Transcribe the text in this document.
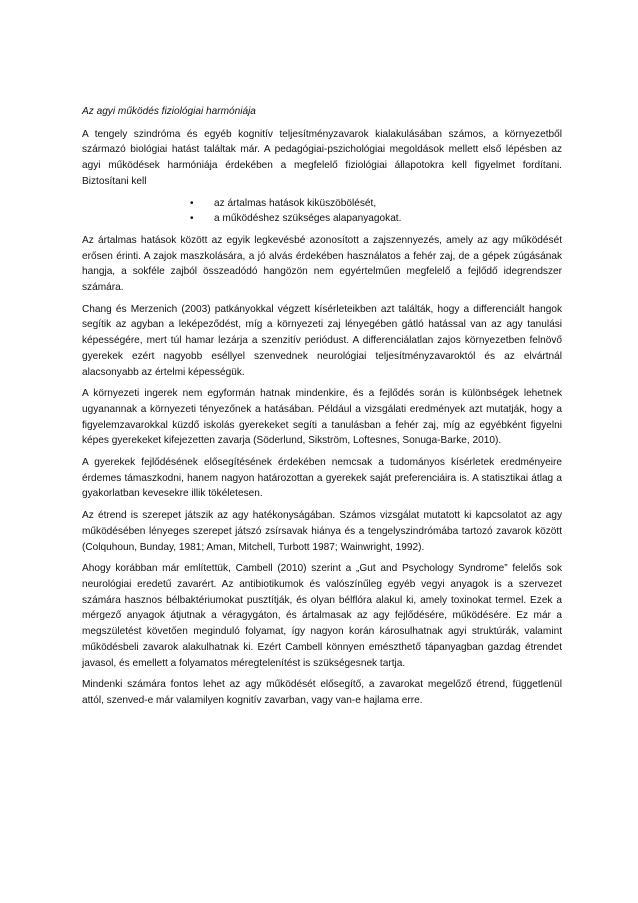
Az agyi működés fiziológiai harmóniája

A tengely szindróma és egyéb kognitív teljesítményzavarok kialakulásában számos, a környezetből származó biológiai hatást találtak már. A pedagógiai-pszichológiai megoldások mellett első lépésben az agyi működések harmóniája érdekében a megfelelő fiziológiai állapotokra kell figyelmet fordítani. Biztosítani kell

• az ártalmas hatások kiküszöbölését,
• a működéshez szükséges alapanyagokat.

Az ártalmas hatások között az egyik legkevésbé azonosított a zajszennyezés, amely az agy működését erősen érinti. A zajok maszkolására, a jó alvás érdekében használatos a fehér zaj, de a gépek zúgásának hangja, a sokféle zajból összeadódó hangözön nem egyértelműen megfelelő a fejlődő idegrendszer számára.

Chang és Merzenich (2003) patkányokkal végzett kísérleteikben azt találták, hogy a differenciált hangok segítik az agyban a leképeződést, míg a környezeti zaj lényegében gátló hatással van az agy tanulási képességére, mert túl hamar lezárja a szenzitív periódust. A differenciálatlan zajos környezetben felnövő gyerekek ezért nagyobb eséllyel szenvednek neurológiai teljesítményzavaroktól és az elvártnál alacsonyabb az értelmi képességük.

A környezeti ingerek nem egyformán hatnak mindenkire, és a fejlődés során is különbségek lehetnek ugyanannak a környezeti tényezőnek a hatásában. Például a vizsgálati eredmények azt mutatják, hogy a figyelemzavarokkal küzdő iskolás gyerekeket segíti a tanulásban a fehér zaj, míg az egyébként figyelni képes gyerekeket kifejezetten zavarja (Söderlund, Sikström, Loftesnes, Sonuga-Barke, 2010).

A gyerekek fejlődésének elősegítésének érdekében nemcsak a tudományos kísérletek eredményeire érdemes támaszkodni, hanem nagyon határozottan a gyerekek saját preferenciáira is. A statisztikai átlag a gyakorlatban kevesekre illik tökéletesen.

Az étrend is szerepet játszik az agy hatékonyságában. Számos vizsgálat mutatott ki kapcsolatot az agy működésében lényeges szerepet játszó zsírsavak hiánya és a tengelyszindrómába tartozó zavarok között (Colquhoun, Bunday, 1981; Aman, Mitchell, Turbott 1987; Wainwright, 1992).

Ahogy korábban már említettük, Cambell (2010) szerint a „Gut and Psychology Syndrome” felelős sok neurológiai eredetű zavarért. Az antibiotikumok és valószínűleg egyéb vegyi anyagok is a szervezet számára hasznos bélbaktériumokat pusztítják, és olyan bélflóra alakul ki, amely toxinokat termel. Ezek a mérgező anyagok átjutnak a véragygáton, és ártalmasak az agy fejlődésére, működésére. Ez már a megszületést követően meginduló folyamat, így nagyon korán károsulhatnak agyi struktúrák, valamint működésbeli zavarok alakulhatnak ki. Ezért Cambell könnyen emészthető tápanyagban gazdag étrendet javasol, és emellett a folyamatos méregtelenítést is szükségesnek tartja.

Mindenki számára fontos lehet az agy működését elősegítő, a zavarokat megelőző étrend, függetlenül attól, szenved-e már valamilyen kognitív zavarban, vagy van-e hajlama erre.
